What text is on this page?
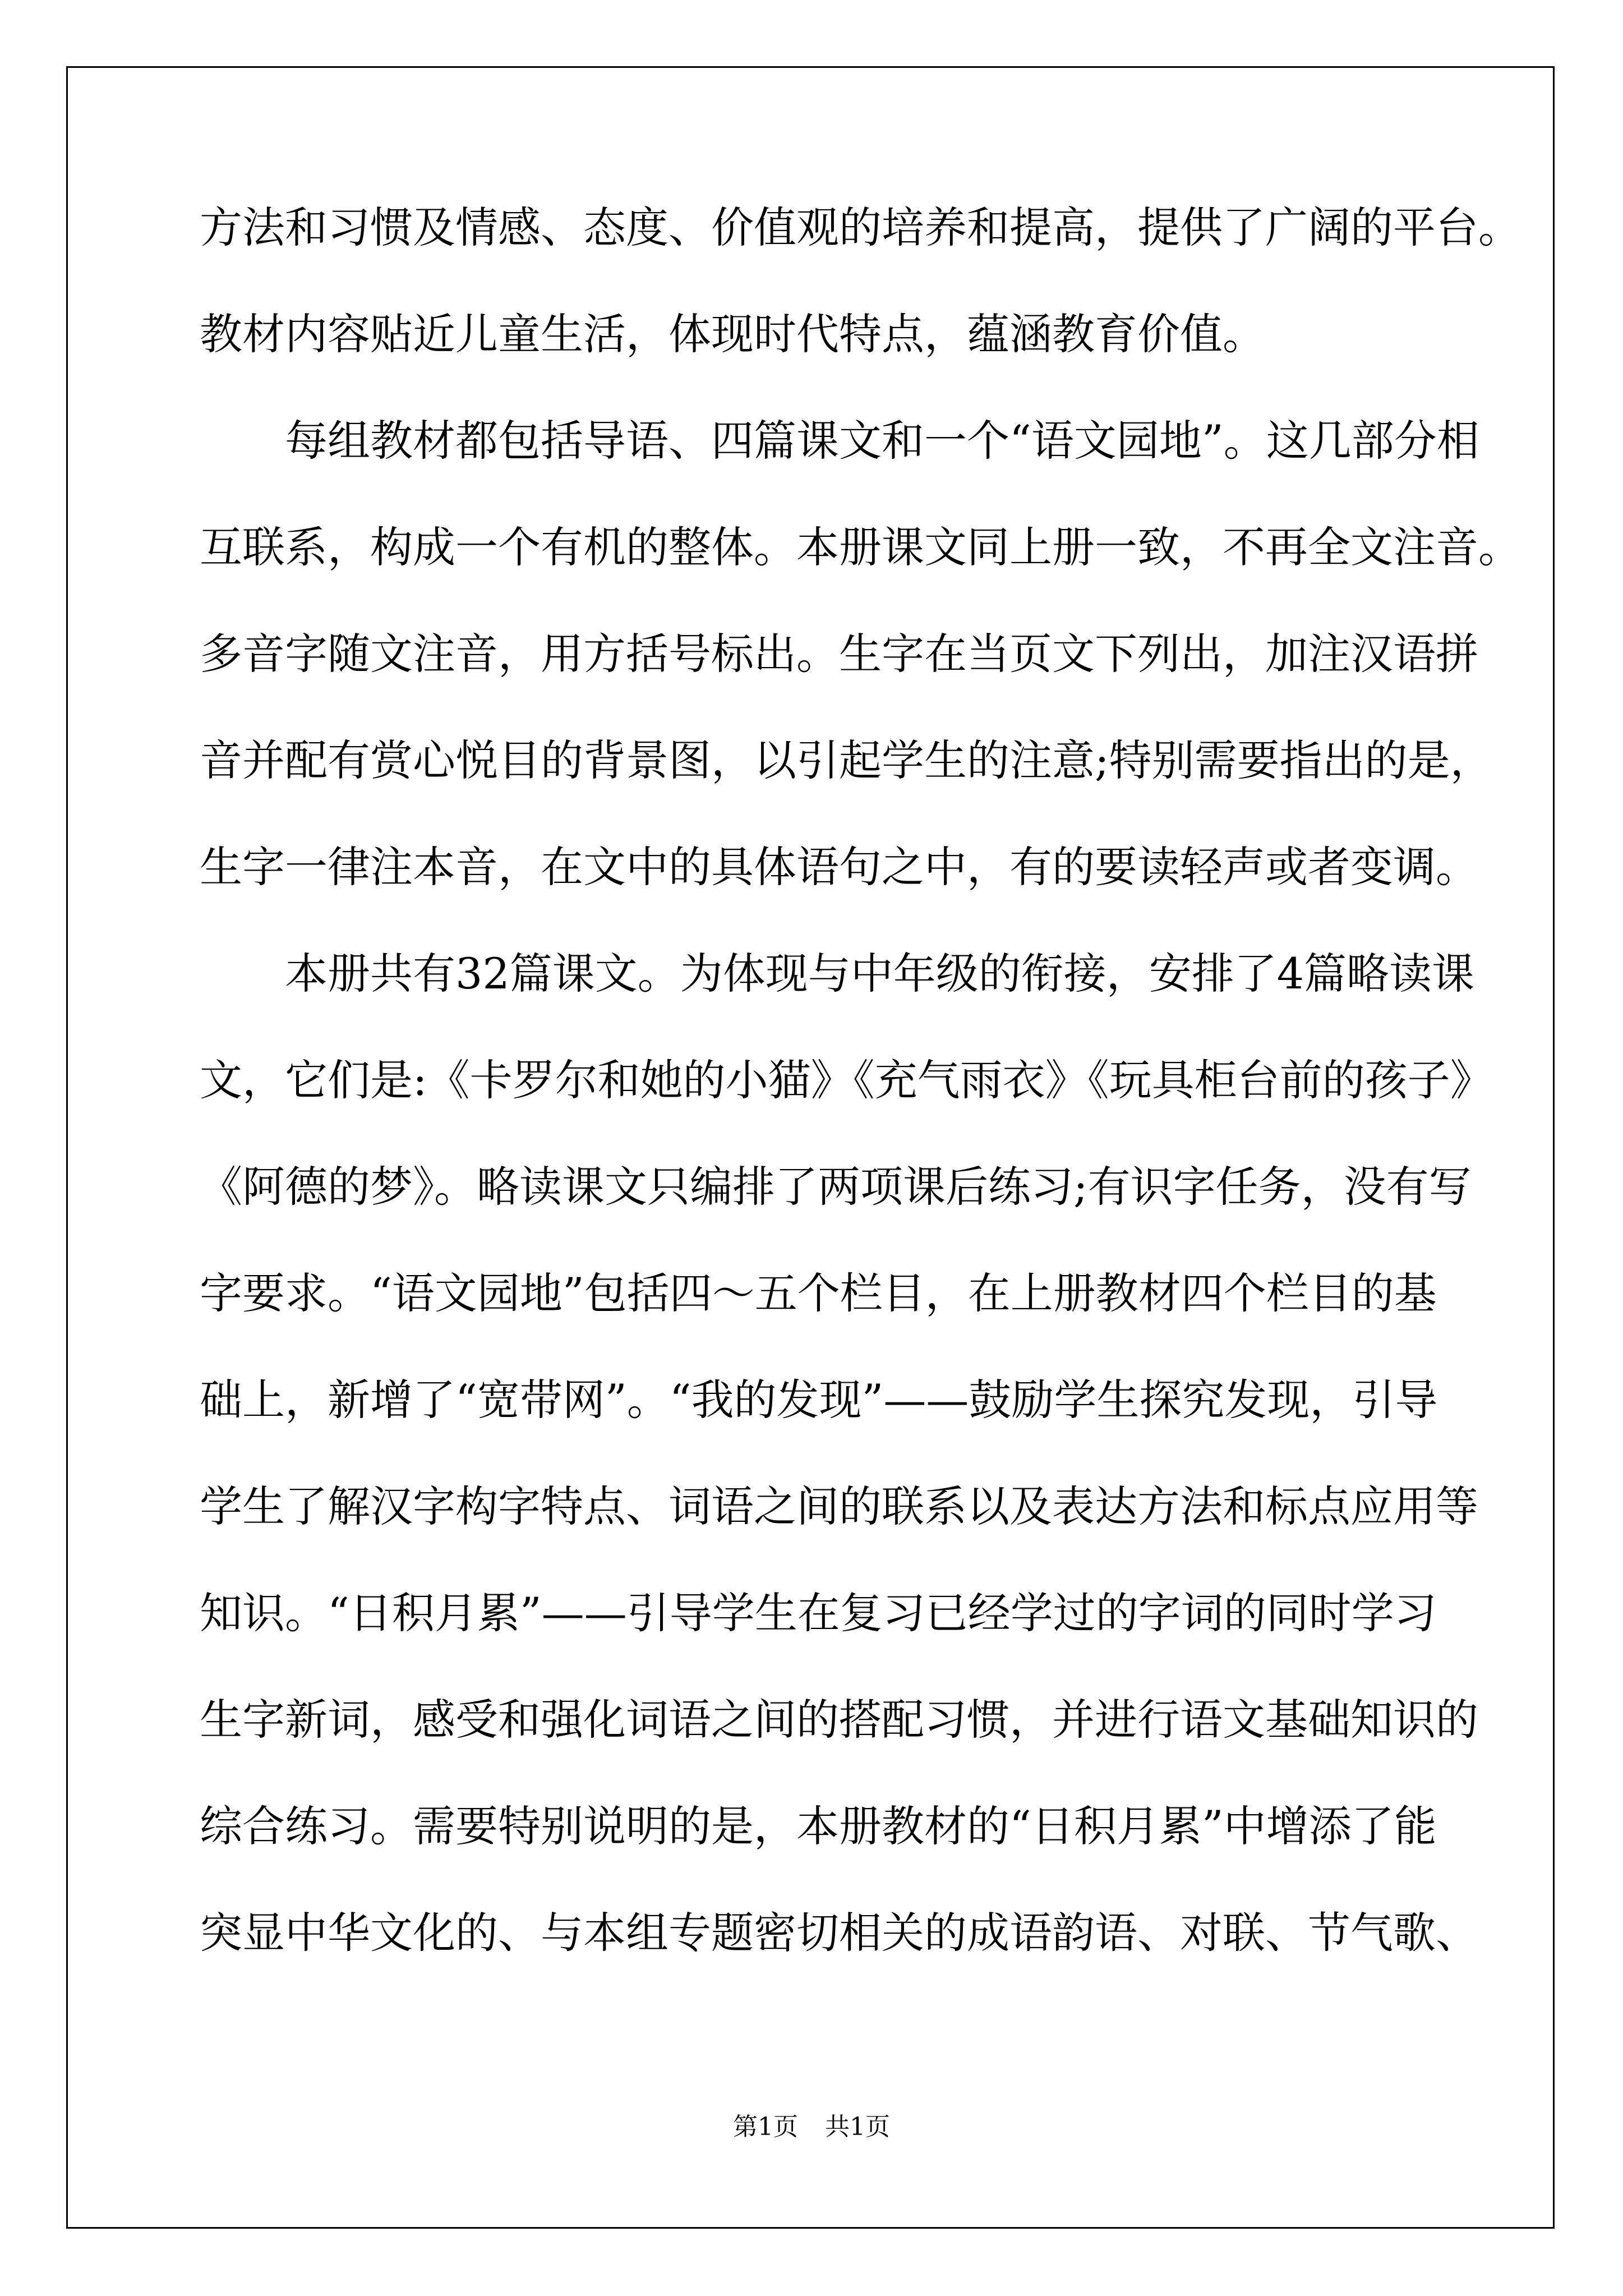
方法和习惯及情感、态度、价值观的培养和提高，提供了广阔的平台。

教材内容贴近儿童生活，体现时代特点，蕴涵教育价值。

　　每组教材都包括导语、四篇课文和一个“语文园地”。这几部分相

互联系，构成一个有机的整体。本册课文同上册一致，不再全文注音。

多音字随文注音，用方括号标出。生字在当页文下列出，加注汉语拼

音并配有赏心悦目的背景图，以引起学生的注意;特别需要指出的是，

生字一律注本音，在文中的具体语句之中，有的要读轻声或者变调。

　　本册共有32篇课文。为体现与中年级的衔接，安排了4篇略读课

文，它们是:《卡罗尔和她的小猫》《充气雨衣》《玩具柜台前的孩子》

《阿德的梦》。略读课文只编排了两项课后练习;有识字任务，没有写

字要求。“语文园地”包括四～五个栏目，在上册教材四个栏目的基

础上，新增了“宽带网”。“我的发现”——鼓励学生探究发现，引导

学生了解汉字构字特点、词语之间的联系以及表达方法和标点应用等

知识。“日积月累”——引导学生在复习已经学过的字词的同时学习

生字新词，感受和强化词语之间的搭配习惯，并进行语文基础知识的

综合练习。需要特别说明的是，本册教材的“日积月累”中增添了能

突显中华文化的、与本组专题密切相关的成语韵语、对联、节气歌、

第1页 共1页
